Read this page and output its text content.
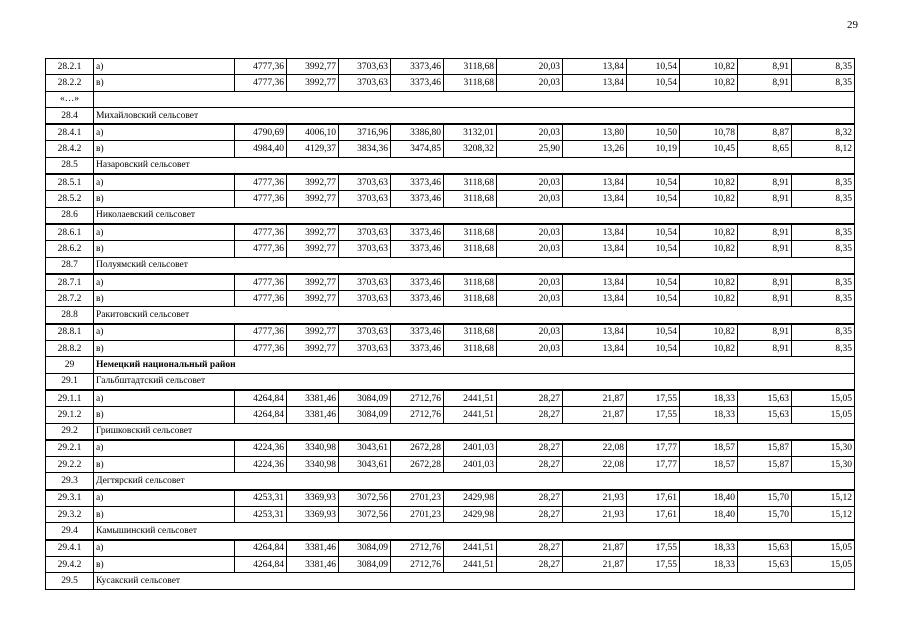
29
28.2.1	а)	4777,36	3992,77	3703,63	3373,46	3118,68	20,03	13,84	10,54	10,82	8,91	8,35
28.2.2	в)	4777,36	3992,77	3703,63	3373,46	3118,68	20,03	13,84	10,54	10,82	8,91	8,35
«…»												
28.4	Михайловский сельсовет											
28.4.1	а)	4790,69	4006,10	3716,96	3386,80	3132,01	20,03	13,80	10,50	10,78	8,87	8,32
28.4.2	в)	4984,40	4129,37	3834,36	3474,85	3208,32	25,90	13,26	10,19	10,45	8,65	8,12
28.5	Назаровский сельсовет											
28.5.1	а)	4777,36	3992,77	3703,63	3373,46	3118,68	20,03	13,84	10,54	10,82	8,91	8,35
28.5.2	в)	4777,36	3992,77	3703,63	3373,46	3118,68	20,03	13,84	10,54	10,82	8,91	8,35
28.6	Николаевский сельсовет											
28.6.1	а)	4777,36	3992,77	3703,63	3373,46	3118,68	20,03	13,84	10,54	10,82	8,91	8,35
28.6.2	в)	4777,36	3992,77	3703,63	3373,46	3118,68	20,03	13,84	10,54	10,82	8,91	8,35
28.7	Полуямский сельсовет											
28.7.1	а)	4777,36	3992,77	3703,63	3373,46	3118,68	20,03	13,84	10,54	10,82	8,91	8,35
28.7.2	в)	4777,36	3992,77	3703,63	3373,46	3118,68	20,03	13,84	10,54	10,82	8,91	8,35
28.8	Ракитовский сельсовет											
28.8.1	а)	4777,36	3992,77	3703,63	3373,46	3118,68	20,03	13,84	10,54	10,82	8,91	8,35
28.8.2	в)	4777,36	3992,77	3703,63	3373,46	3118,68	20,03	13,84	10,54	10,82	8,91	8,35
29	Немецкий национальный район											
29.1	Гальбштадтский сельсовет											
29.1.1	а)	4264,84	3381,46	3084,09	2712,76	2441,51	28,27	21,87	17,55	18,33	15,63	15,05
29.1.2	в)	4264,84	3381,46	3084,09	2712,76	2441,51	28,27	21,87	17,55	18,33	15,63	15,05
29.2	Гришковский сельсовет											
29.2.1	а)	4224,36	3340,98	3043,61	2672,28	2401,03	28,27	22,08	17,77	18,57	15,87	15,30
29.2.2	в)	4224,36	3340,98	3043,61	2672,28	2401,03	28,27	22,08	17,77	18,57	15,87	15,30
29.3	Дегтярский сельсовет											
29.3.1	а)	4253,31	3369,93	3072,56	2701,23	2429,98	28,27	21,93	17,61	18,40	15,70	15,12
29.3.2	в)	4253,31	3369,93	3072,56	2701,23	2429,98	28,27	21,93	17,61	18,40	15,70	15,12
29.4	Камышинский сельсовет											
29.4.1	а)	4264,84	3381,46	3084,09	2712,76	2441,51	28,27	21,87	17,55	18,33	15,63	15,05
29.4.2	в)	4264,84	3381,46	3084,09	2712,76	2441,51	28,27	21,87	17,55	18,33	15,63	15,05
29.5	Кусакский сельсовет											
